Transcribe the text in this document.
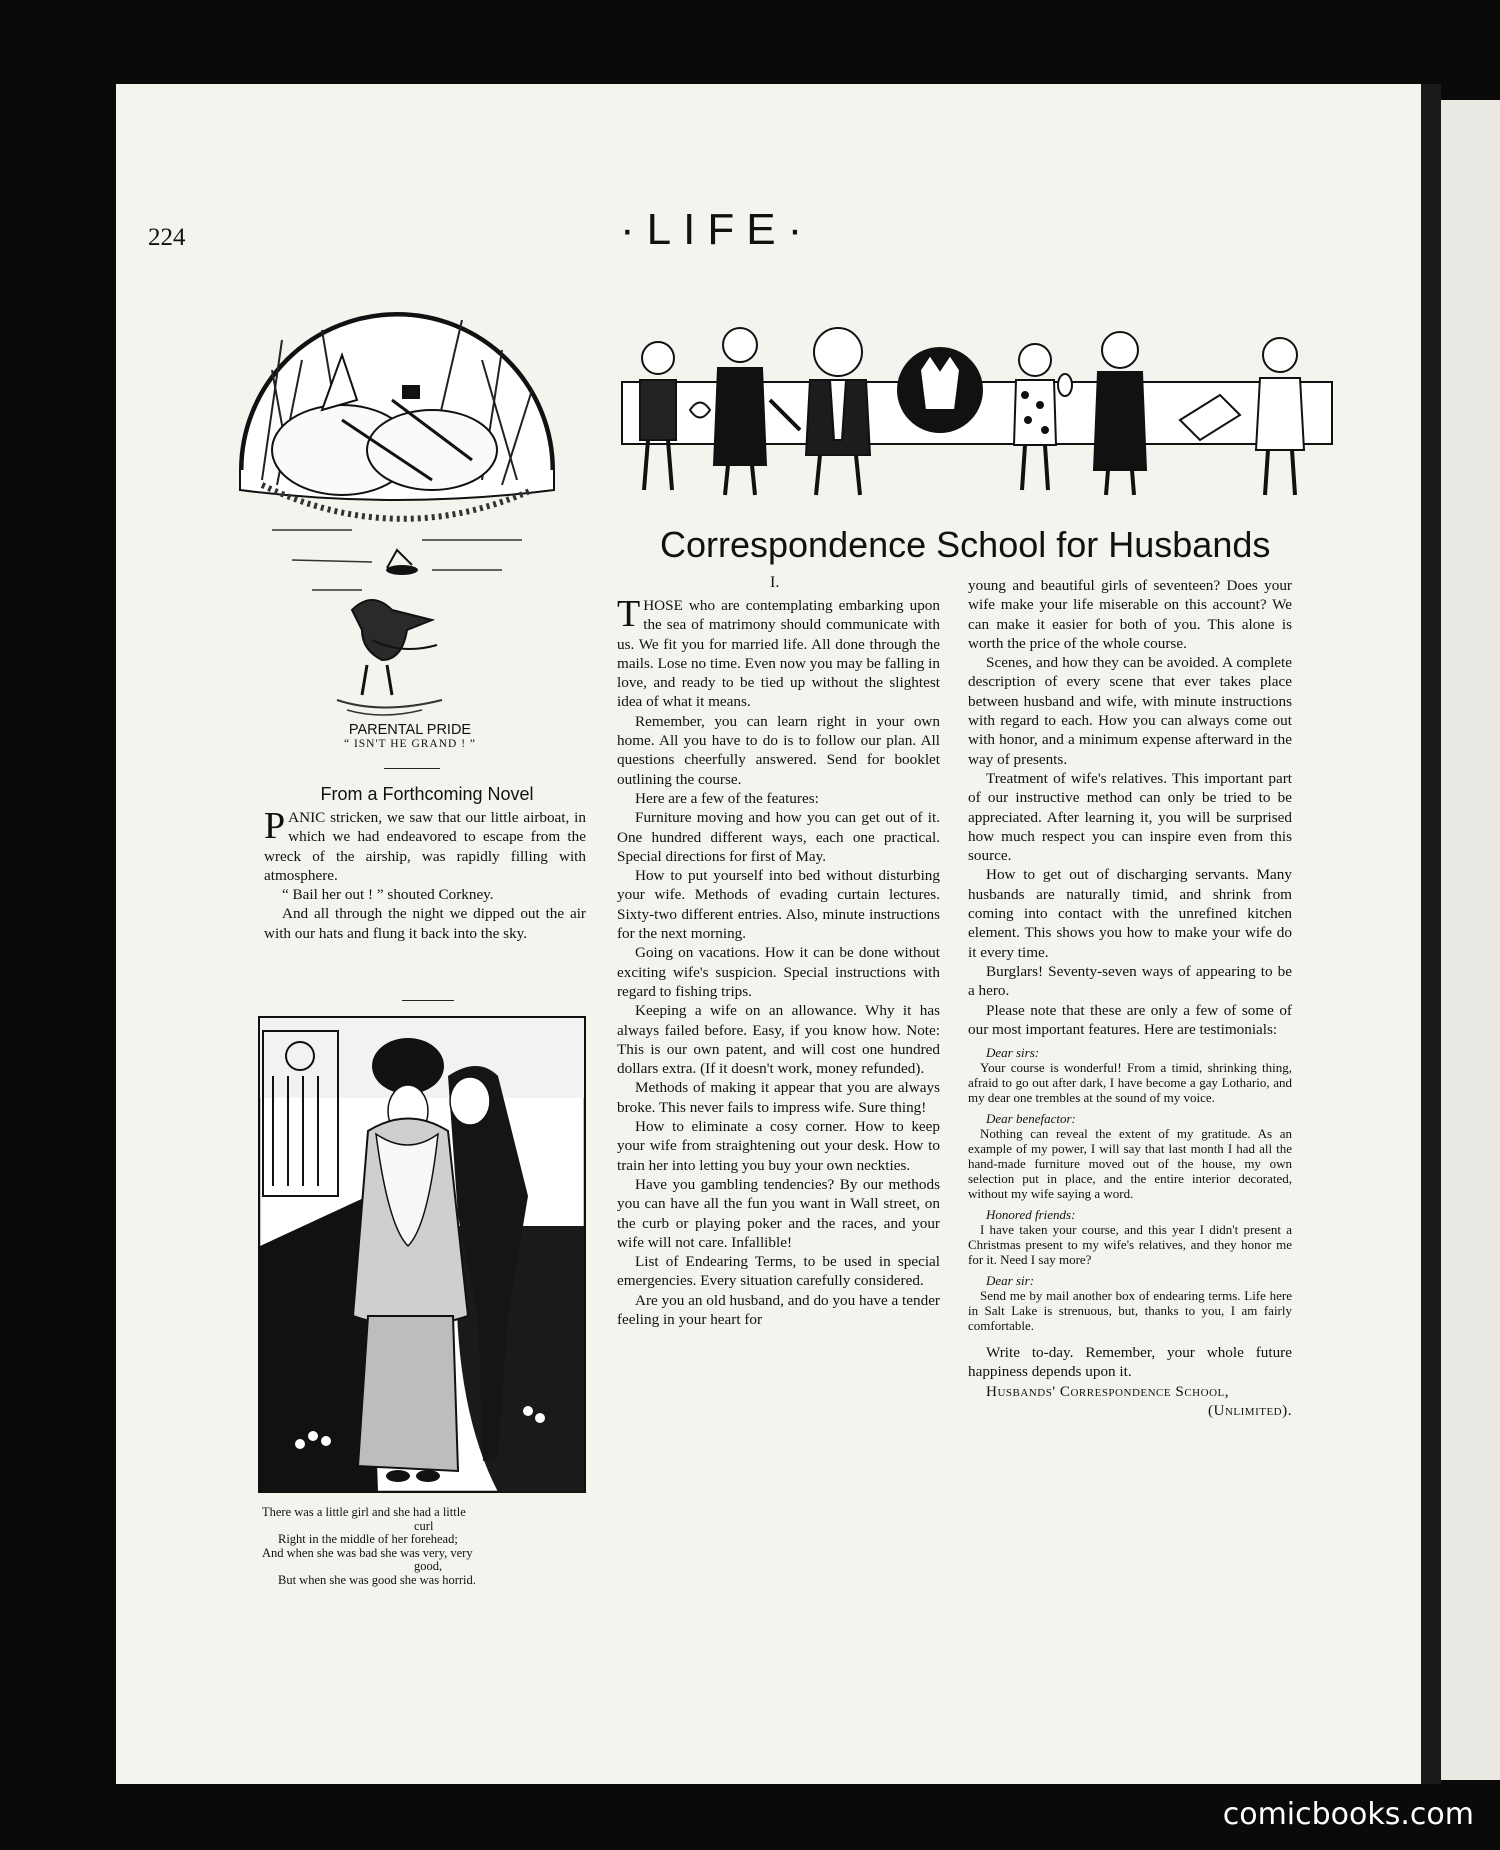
224	·LIFE·
PARENTAL PRIDE
“ ISN'T HE GRAND ! ”
From a Forthcoming Novel

PANIC stricken, we saw that our little airboat, in which we had endeavored to escape from the wreck of the airship, was rapidly filling with atmosphere.

“ Bail her out ! ” shouted Corkney.

And all through the night we dipped out the air with our hats and flung it back into the sky.

There was a little girl and she had a little
curl
Right in the middle of her forehead;
And when she was bad she was very, very
good,
But when she was good she was horrid.
Correspondence School for Husbands
I.

THOSE who are contemplating embarking upon the sea of matrimony should communicate with us. We fit you for married life. All done through the mails. Lose no time. Even now you may be falling in love, and ready to be tied up without the slightest idea of what it means.

Remember, you can learn right in your own home. All you have to do is to follow our plan. All questions cheerfully answered. Send for booklet outlining the course.

Here are a few of the features:

Furniture moving and how you can get out of it. One hundred different ways, each one practical. Special directions for first of May.

How to put yourself into bed without disturbing your wife. Methods of evading curtain lectures. Sixty-two different entries. Also, minute instructions for the next morning.

Going on vacations. How it can be done without exciting wife's suspicion. Special instructions with regard to fishing trips.

Keeping a wife on an allowance. Why it has always failed before. Easy, if you know how. Note: This is our own patent, and will cost one hundred dollars extra. (If it doesn't work, money refunded).

Methods of making it appear that you are always broke. This never fails to impress wife. Sure thing!

How to eliminate a cosy corner. How to keep your wife from straightening out your desk. How to train her into letting you buy your own neckties.

Have you gambling tendencies? By our methods you can have all the fun you want in Wall street, on the curb or playing poker and the races, and your wife will not care. Infallible!

List of Endearing Terms, to be used in special emergencies. Every situation carefully considered.

Are you an old husband, and do you have a tender feeling in your heart for

young and beautiful girls of seventeen? Does your wife make your life miserable on this account? We can make it easier for both of you. This alone is worth the price of the whole course.

Scenes, and how they can be avoided. A complete description of every scene that ever takes place between husband and wife, with minute instructions with regard to each. How you can always come out with honor, and a minimum expense afterward in the way of presents.

Treatment of wife's relatives. This important part of our instructive method can only be tried to be appreciated. After learning it, you will be surprised how much respect you can inspire even from this source.

How to get out of discharging servants. Many husbands are naturally timid, and shrink from coming into contact with the unrefined kitchen element. This shows you how to make your wife do it every time.

Burglars! Seventy-seven ways of appearing to be a hero.

Please note that these are only a few of some of our most important features. Here are testimonials:

Dear sirs:

Your course is wonderful! From a timid, shrinking thing, afraid to go out after dark, I have become a gay Lothario, and my dear one trembles at the sound of my voice.

Dear benefactor:

Nothing can reveal the extent of my gratitude. As an example of my power, I will say that last month I had all the hand-made furniture moved out of the house, my own selection put in place, and the entire interior decorated, without my wife saying a word.

Honored friends:

I have taken your course, and this year I didn't present a Christmas present to my wife's relatives, and they honor me for it. Need I say more?

Dear sir:

Send me by mail another box of endearing terms. Life here in Salt Lake is strenuous, but, thanks to you, I am fairly comfortable.

Write to-day. Remember, your whole future happiness depends upon it.

Husbands' Correspondence School,

(Unlimited).

comicbooks.com
